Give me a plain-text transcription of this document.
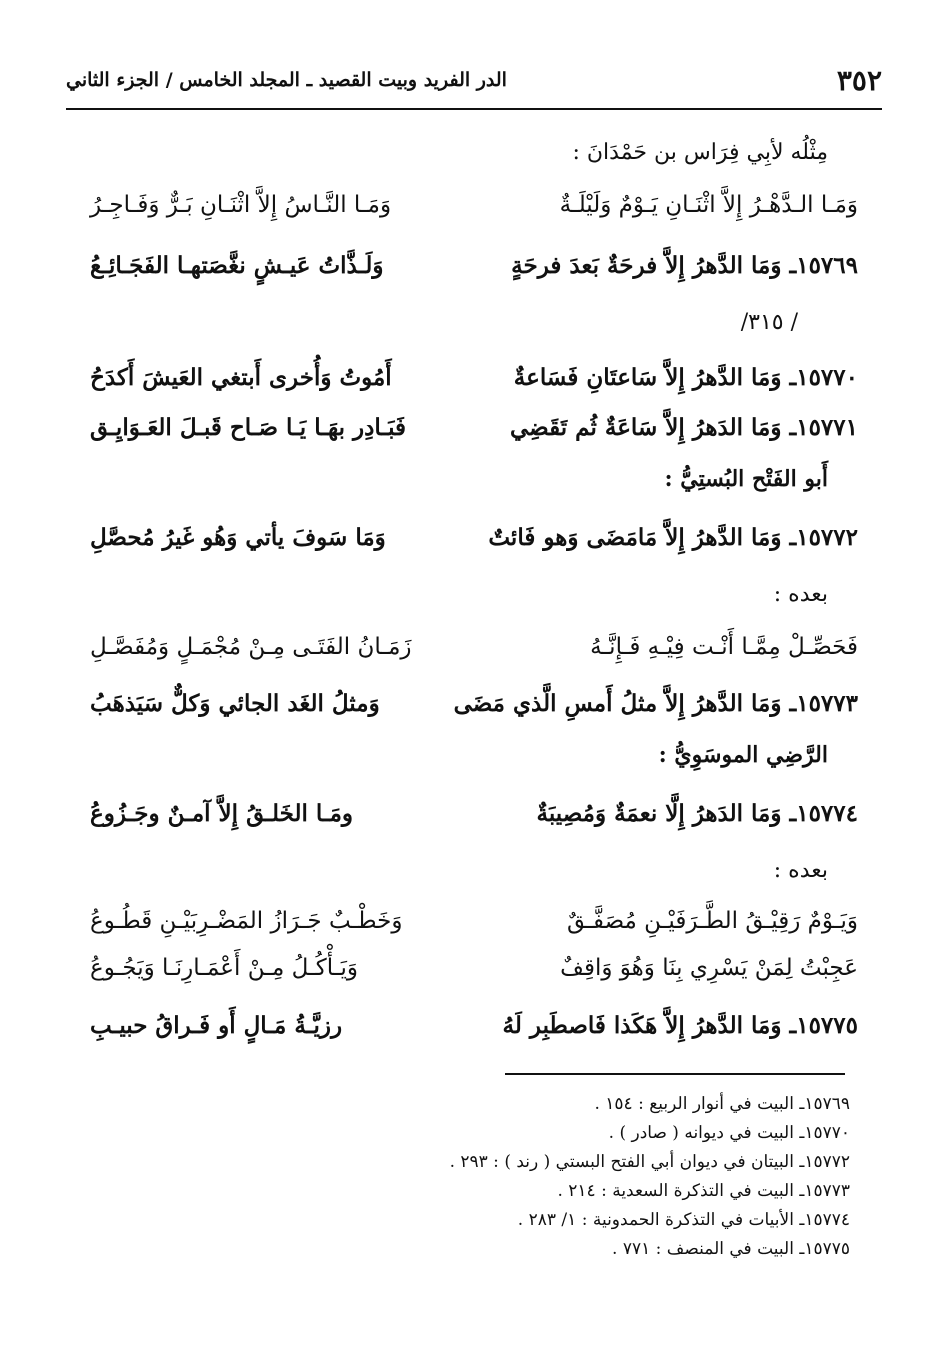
٣٥٢
الدر الفريد وبيت القصيد ـ المجلد الخامس / الجزء الثاني
مِثْلُه لأبِي فِرَاس بن حَمْدَانَ :
وَمَـا الـدَّهْـرُ إِلاَّ اثْنَـانِ يَـوْمٌ وَلَيْلَـةٌ
وَمَـا النَّـاسُ إِلاَّ اثْنَـانِ بَـرٌّ وَفَـاجِـرُ
١٥٧٦٩ـ وَمَا الدَّهرُ إِلاَّ فرحَةٌ بَعدَ فرحَةٍ
وَلَـذَّاتُ عَيـشٍ نغَّصَتهـا الفَجَـائِـعُ
/ ٣١٥/
١٥٧٧٠ـ وَمَا الدَّهرُ إِلاَّ سَاعتَانِ فَسَاعةٌ
أَمُوتُ وَأُخرى أَبتغي العَيشَ أَكدَحُ
١٥٧٧١ـ وَمَا الدَهرُ إِلاَّ سَاعَةٌ ثُم تَقَضِي
فَبَـادِر بهَـا يَـا صَـاح قَبـلَ العَـوَايِـق
أَبو الفَتْح البُستِيُّ :
١٥٧٧٢ـ وَمَا الدَّهرُ إِلاَّ مَامَضَى وَهو فَائتٌ
وَمَا سَوفَ يأتي وَهُو غَيرُ مُحصَّلِ
بعده :
فَحَصِّـلْ مِمَّـا أَنْـت فِيْـهِ فَـإِنَّـهُ
زَمَـانُ الفَتَـى مِـنْ مُجْمَـلٍ وَمُفَصَّـلِ
١٥٧٧٣ـ وَمَا الدَّهرُ إِلاَّ مثلُ أَمسِ الَّذي مَضَى
وَمثلُ الغَد الجائي وَكلٌّ سَيَذهَبُ
الرَّضِي الموسَوِيُّ :
١٥٧٧٤ـ وَمَا الدَهرُ إِلَّا نعمَةٌ وَمُصِيبَةٌ
ومَـا الخَلـقُ إِلاَّ آمـنٌ وجَـزُوعُ
بعده :
وَيَـوْمٌ رَقِيْـقُ الطَّـرَفَيْـنِ مُصَفَّـقٌ
وَخَطْـبٌ جَـرَازُ المَضْـرِبَيْـنِ قَطُـوعُ
عَجِبْتُ لِمَنْ يَسْرِي بِنَا وَهُوَ وَاقِفٌ
وَيَـأْكُـلُ مِـنْ أَعْمَـارِنَـا وَيَجُـوعُ
١٥٧٧٥ـ وَمَا الدَّهرُ إِلاَّ هَكَذا فَاصطَبِر لَهُ
رزيَّـةُ مَـالٍ أَو فَـراقُ حبيـبِ
١٥٧٦٩ـ البيت في أنوار الربيع : ١٥٤ .
١٥٧٧٠ـ البيت في ديوانه ( صادر ) .
١٥٧٧٢ـ البيتان في ديوان أبي الفتح البستي ( رند ) : ٢٩٣ .
١٥٧٧٣ـ البيت في التذكرة السعدية : ٢١٤ .
١٥٧٧٤ـ الأبيات في التذكرة الحمدونية : ١/ ٢٨٣ .
١٥٧٧٥ـ البيت في المنصف : ٧٧١ .
